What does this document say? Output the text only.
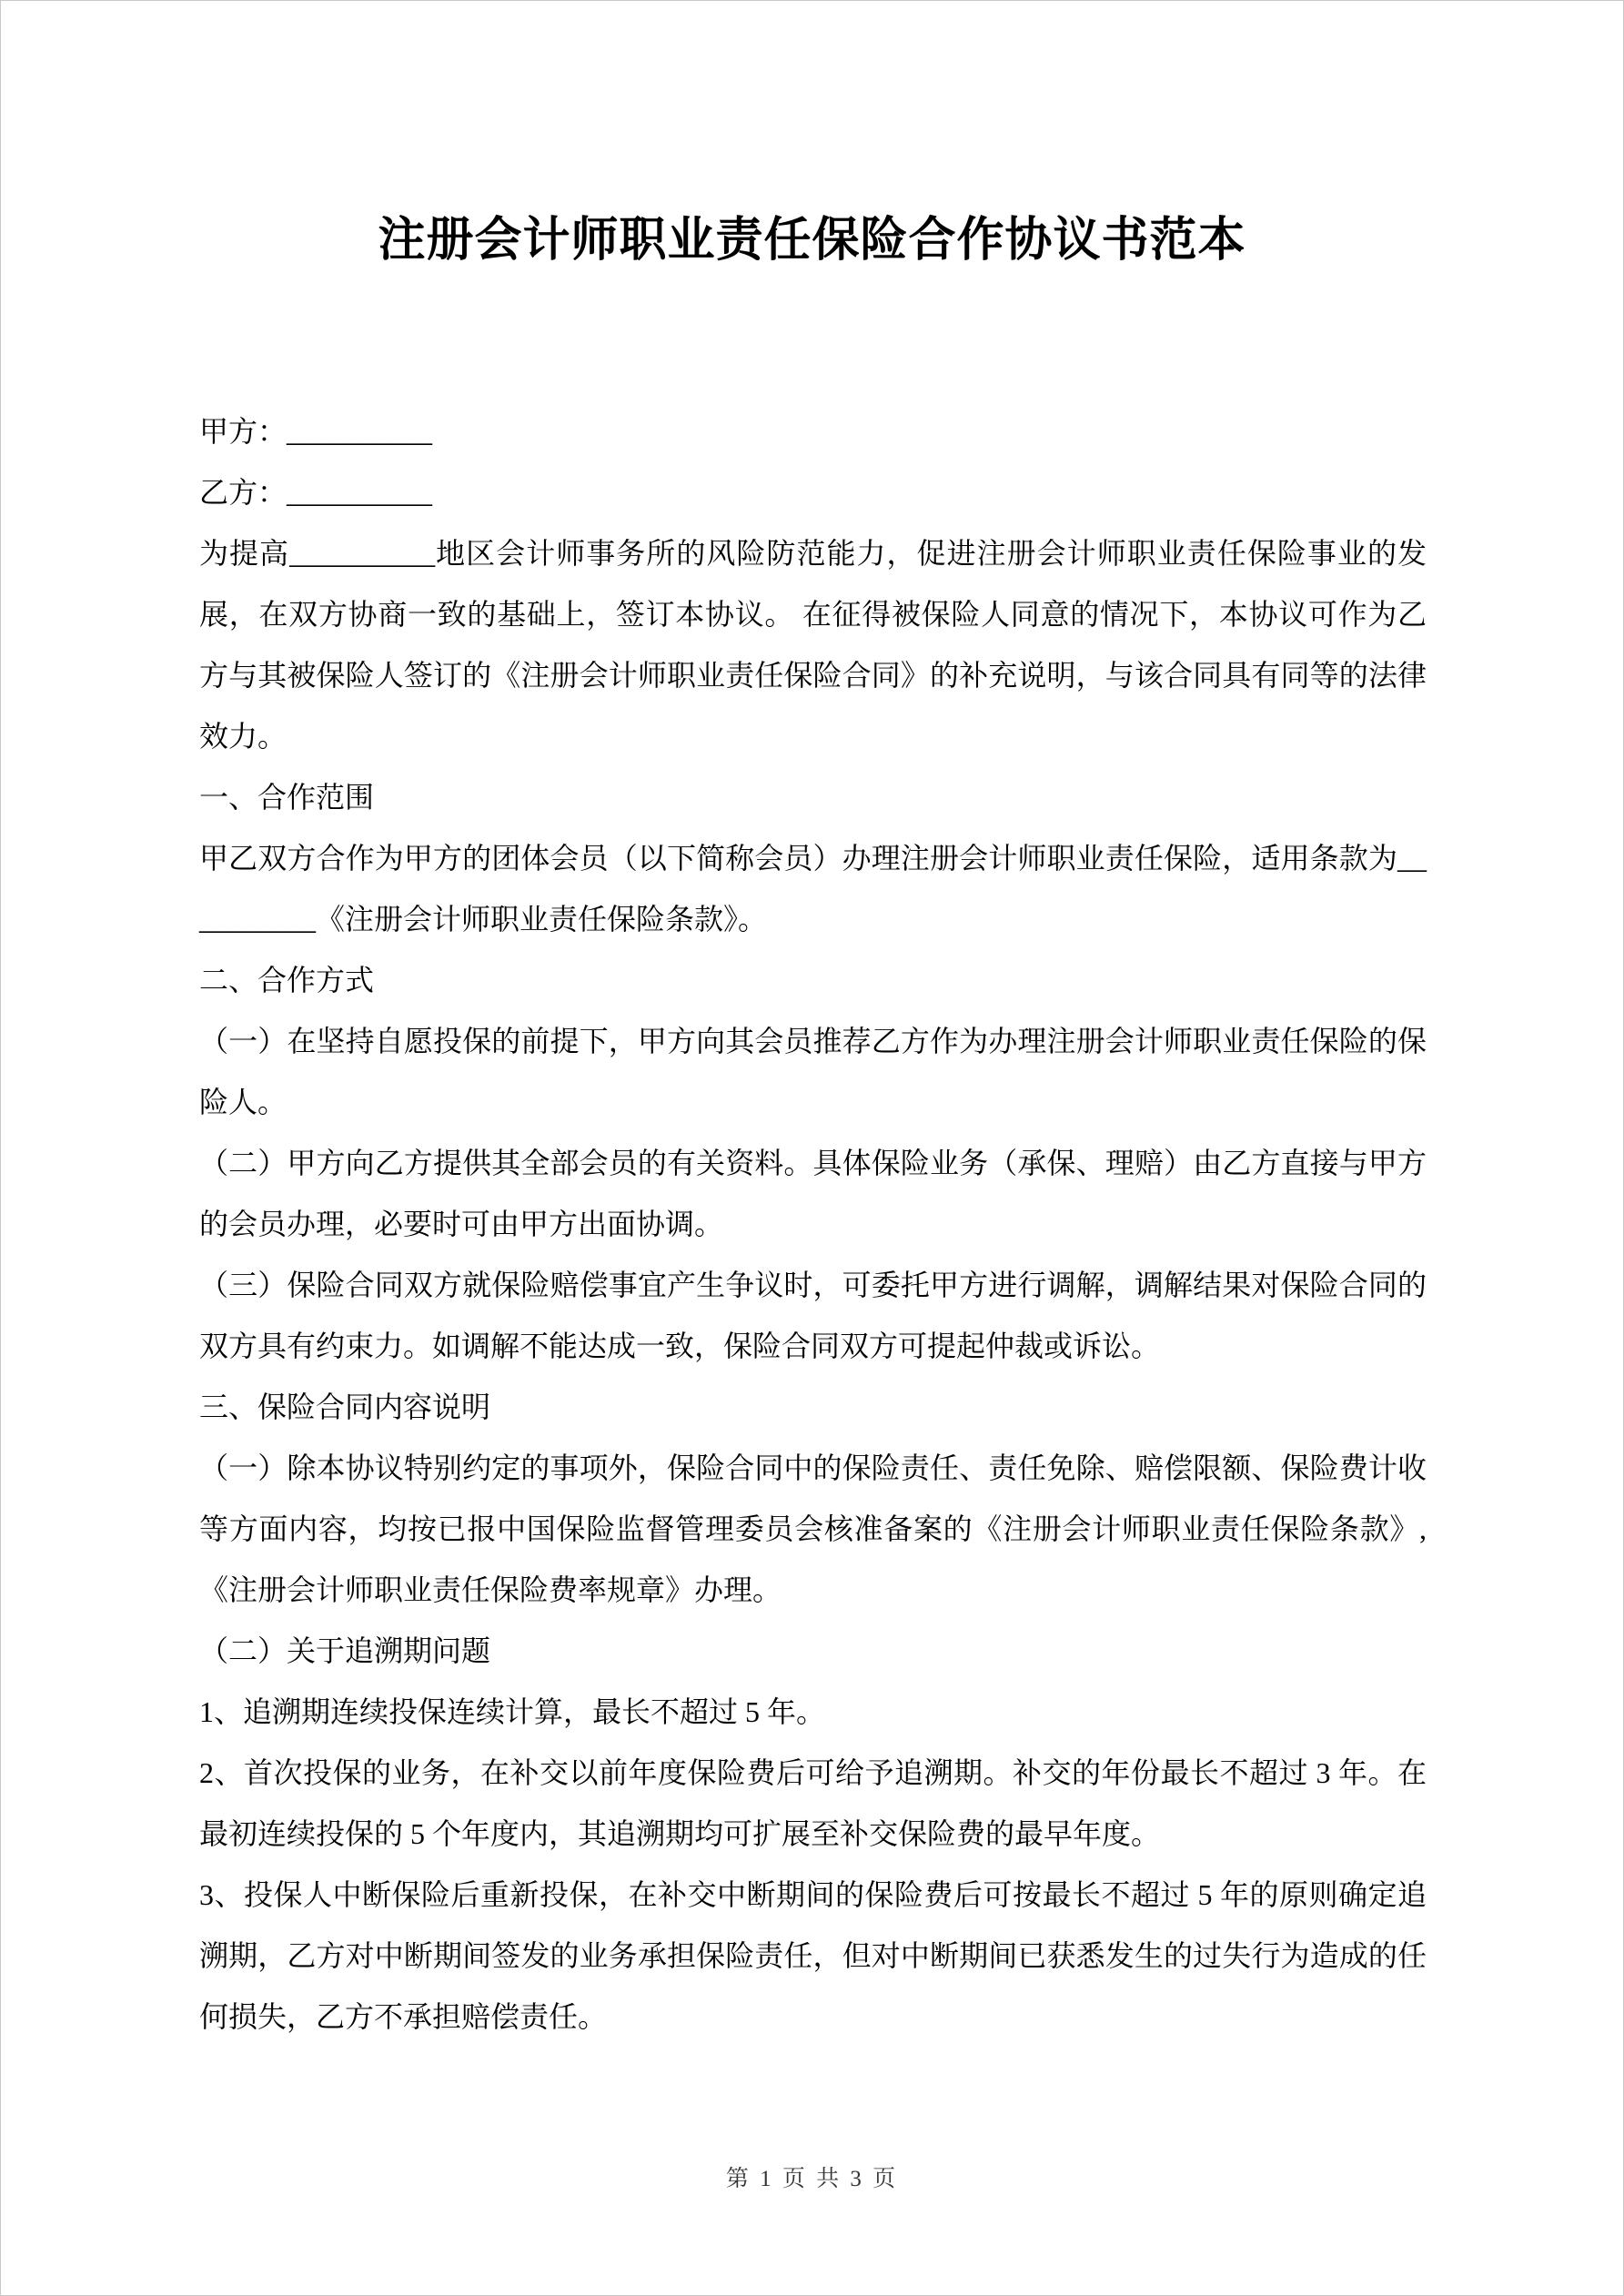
注册会计师职业责任保险合作协议书范本

甲方：__________

乙方：__________

为提高__________地区会计师事务所的风险防范能力，促进注册会计师职业责任保险事业的发展，在双方协商一致的基础上，签订本协议。 在征得被保险人同意的情况下，本协议可作为乙方与其被保险人签订的《注册会计师职业责任保险合同》的补充说明，与该合同具有同等的法律效力。

一、合作范围

甲乙双方合作为甲方的团体会员（以下简称会员）办理注册会计师职业责任保险，适用条款为__________《注册会计师职业责任保险条款》。

二、合作方式

（一）在坚持自愿投保的前提下，甲方向其会员推荐乙方作为办理注册会计师职业责任保险的保险人。

（二）甲方向乙方提供其全部会员的有关资料。具体保险业务（承保、理赔）由乙方直接与甲方的会员办理，必要时可由甲方出面协调。

（三）保险合同双方就保险赔偿事宜产生争议时，可委托甲方进行调解，调解结果对保险合同的双方具有约束力。如调解不能达成一致，保险合同双方可提起仲裁或诉讼。

三、保险合同内容说明

（一）除本协议特别约定的事项外，保险合同中的保险责任、责任免除、赔偿限额、保险费计收等方面内容，均按已报中国保险监督管理委员会核准备案的《注册会计师职业责任保险条款》,《注册会计师职业责任保险费率规章》办理。

（二）关于追溯期问题

1、追溯期连续投保连续计算，最长不超过 5 年。

2、首次投保的业务，在补交以前年度保险费后可给予追溯期。补交的年份最长不超过 3 年。在最初连续投保的 5 个年度内，其追溯期均可扩展至补交保险费的最早年度。

3、投保人中断保险后重新投保，在补交中断期间的保险费后可按最长不超过 5 年的原则确定追溯期，乙方对中断期间签发的业务承担保险责任，但对中断期间已获悉发生的过失行为造成的任何损失，乙方不承担赔偿责任。

第 1 页 共 3 页
